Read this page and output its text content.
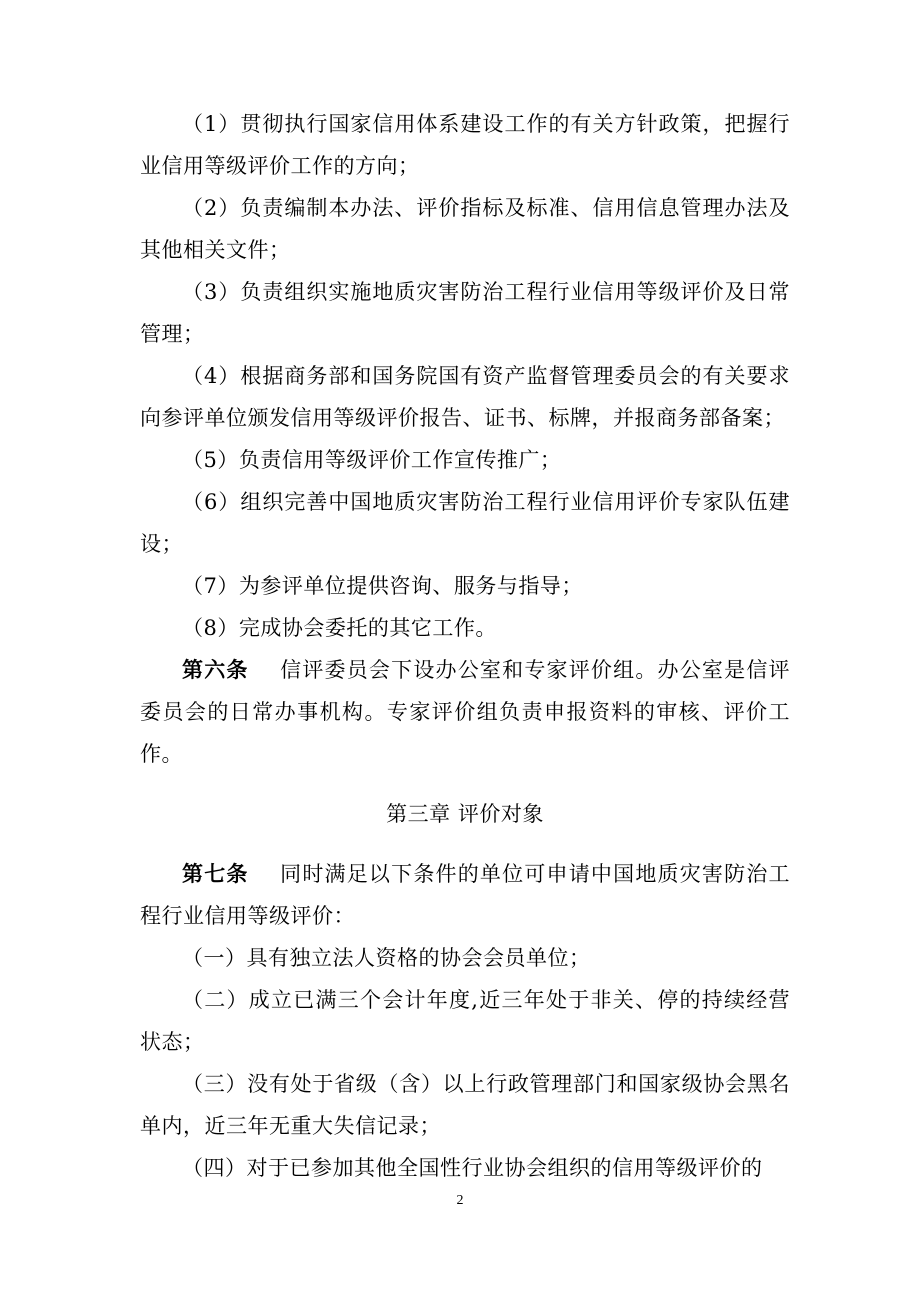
（1）贯彻执行国家信用体系建设工作的有关方针政策，把握行业信用等级评价工作的方向；

（2）负责编制本办法、评价指标及标准、信用信息管理办法及其他相关文件；

（3）负责组织实施地质灾害防治工程行业信用等级评价及日常管理；

（4）根据商务部和国务院国有资产监督管理委员会的有关要求向参评单位颁发信用等级评价报告、证书、标牌，并报商务部备案；

（5）负责信用等级评价工作宣传推广；

（6）组织完善中国地质灾害防治工程行业信用评价专家队伍建设；

（7）为参评单位提供咨询、服务与指导；

（8）完成协会委托的其它工作。

第六条 信评委员会下设办公室和专家评价组。办公室是信评委员会的日常办事机构。专家评价组负责申报资料的审核、评价工作。

第三章 评价对象

第七条 同时满足以下条件的单位可申请中国地质灾害防治工程行业信用等级评价：

（一）具有独立法人资格的协会会员单位；

（二）成立已满三个会计年度,近三年处于非关、停的持续经营状态；

（三）没有处于省级（含）以上行政管理部门和国家级协会黑名单内，近三年无重大失信记录；

（四）对于已参加其他全国性行业协会组织的信用等级评价的

2
